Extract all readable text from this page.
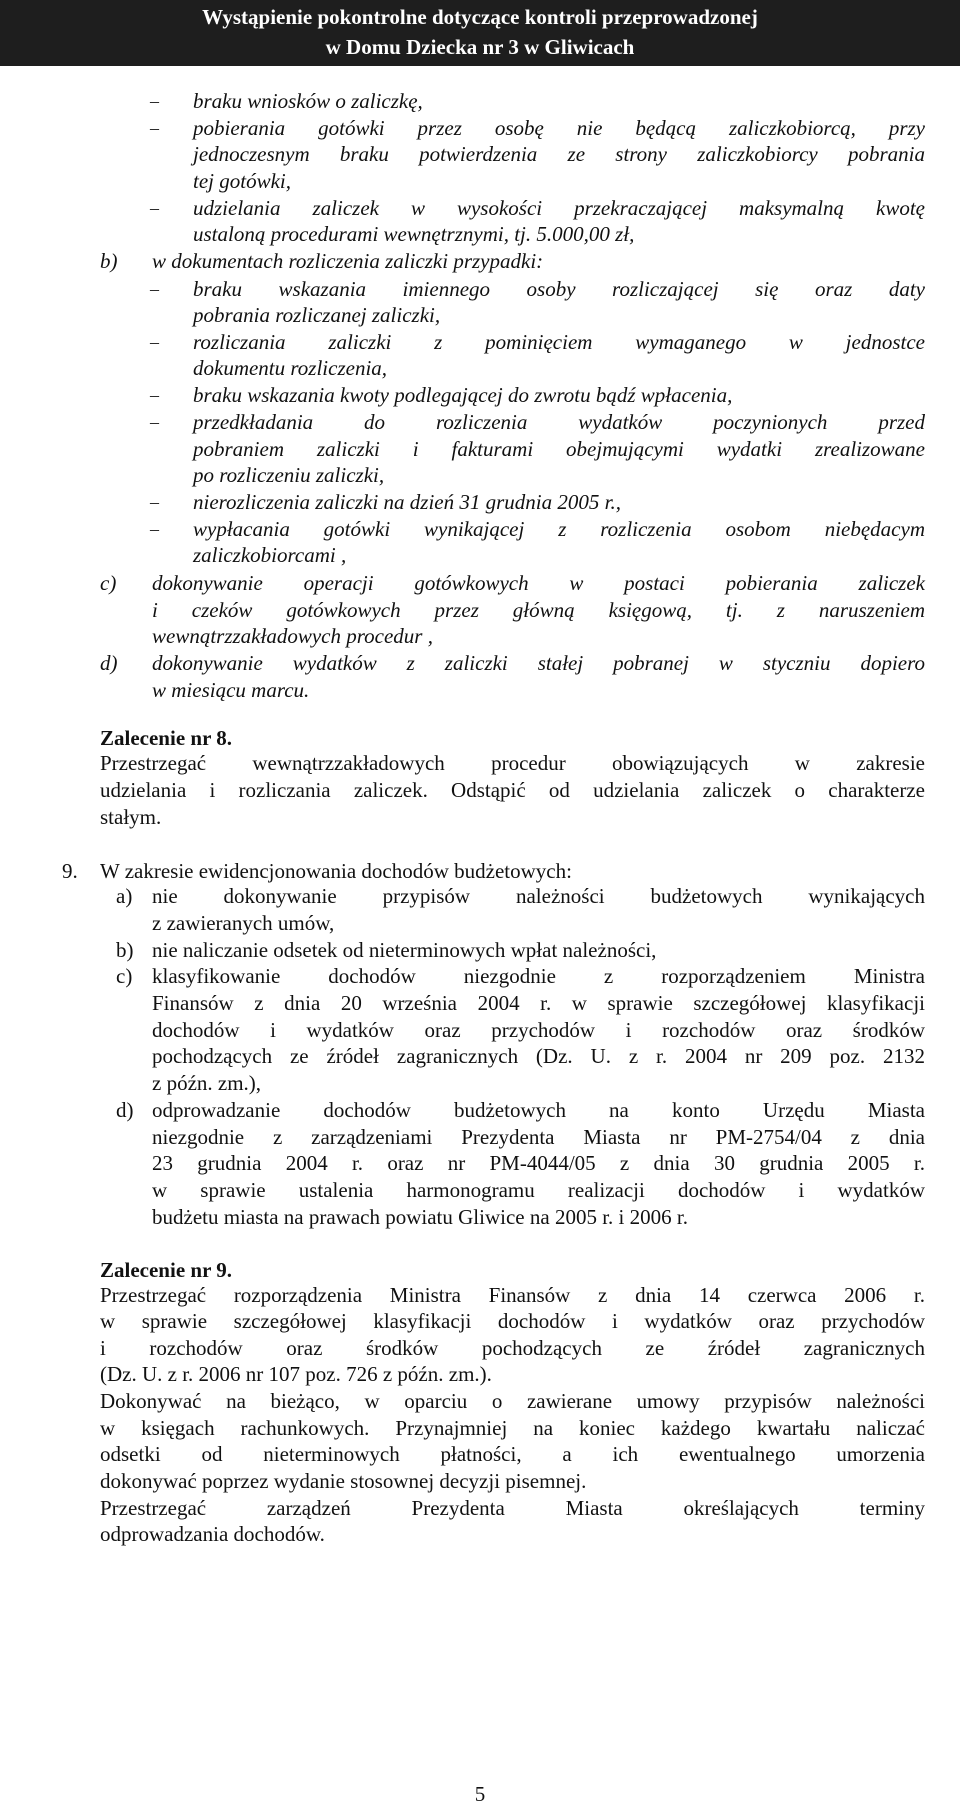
Wystąpienie pokontrolne dotyczące kontroli przeprowadzonej
w Domu Dziecka nr 3 w Gliwicach
– braku wniosków o zaliczkę,
– pobierania gotówki przez osobę nie będącą zaliczkobiorcą, przy
jednoczesnym braku potwierdzenia ze strony zaliczkobiorcy pobrania
tej gotówki,
– udzielania zaliczek w wysokości przekraczającej maksymalną kwotę
ustaloną procedurami wewnętrznymi, tj. 5.000,00 zł,
b) w dokumentach rozliczenia zaliczki przypadki:
– braku wskazania imiennego osoby rozliczającej się oraz daty
pobrania rozliczanej zaliczki,
– rozliczania zaliczki z pominięciem wymaganego w jednostce
dokumentu rozliczenia,
– braku wskazania kwoty podlegającej do zwrotu bądź wpłacenia,
– przedkładania do rozliczenia wydatków poczynionych przed
pobraniem zaliczki i fakturami obejmującymi wydatki zrealizowane
po rozliczeniu zaliczki,
– nierozliczenia zaliczki na dzień 31 grudnia 2005 r.,
– wypłacania gotówki wynikającej z rozliczenia osobom niebędacym
zaliczkobiorcami ,
c) dokonywanie operacji gotówkowych w postaci pobierania zaliczek
i czeków gotówkowych przez główną księgową, tj. z naruszeniem
wewnątrzzakładowych procedur ,
d) dokonywanie wydatków z zaliczki stałej pobranej w styczniu dopiero
w miesiącu marcu.
Zalecenie nr 8.
Przestrzegać wewnątrzzakładowych procedur obowiązujących w zakresie
udzielania i rozliczania zaliczek. Odstąpić od udzielania zaliczek o charakterze
stałym.
9. W zakresie ewidencjonowania dochodów budżetowych:
a) nie dokonywanie przypisów należności budżetowych wynikających
z zawieranych umów,
b) nie naliczanie odsetek od nieterminowych wpłat należności,
c) klasyfikowanie dochodów niezgodnie z rozporządzeniem Ministra
Finansów z dnia 20 września 2004 r. w sprawie szczegółowej klasyfikacji
dochodów i wydatków oraz przychodów i rozchodów oraz środków
pochodzących ze źródeł zagranicznych (Dz. U. z r. 2004 nr 209 poz. 2132
z późn. zm.),
d) odprowadzanie dochodów budżetowych na konto Urzędu Miasta
niezgodnie z zarządzeniami Prezydenta Miasta nr PM-2754/04 z dnia
23 grudnia 2004 r. oraz nr PM-4044/05 z dnia 30 grudnia 2005 r.
w sprawie ustalenia harmonogramu realizacji dochodów i wydatków
budżetu miasta na prawach powiatu Gliwice na 2005 r. i 2006 r.
Zalecenie nr 9.
Przestrzegać rozporządzenia Ministra Finansów z dnia 14 czerwca 2006 r.
w sprawie szczegółowej klasyfikacji dochodów i wydatków oraz przychodów
i rozchodów oraz środków pochodzących ze źródeł zagranicznych
(Dz. U. z r. 2006 nr 107 poz. 726 z późn. zm.).
Dokonywać na bieżąco, w oparciu o zawierane umowy przypisów należności
w księgach rachunkowych. Przynajmniej na koniec każdego kwartału naliczać
odsetki od nieterminowych płatności, a ich ewentualnego umorzenia
dokonywać poprzez wydanie stosownej decyzji pisemnej.
Przestrzegać zarządzeń Prezydenta Miasta określających terminy
odprowadzania dochodów.
5
